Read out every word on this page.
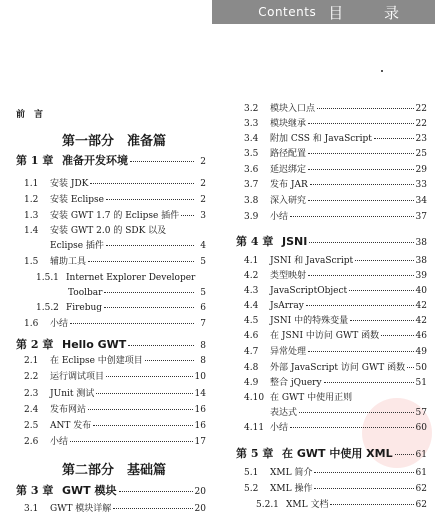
Contents 目 录
前　言
第一部分　准备篇
第二部分　基础篇
第 1 章 准备开发环境	2
1.1	安装 JDK	2
1.2	安装 Eclipse	2
1.3	安装 GWT 1.7 的 Eclipse 插件	3
1.4	安装 GWT 2.0 的 SDK 以及
Eclipse 插件	4
1.5	辅助工具	5
1.5.1 Internet Explorer Developer
Toolbar	5
1.5.2 Firebug	6
1.6	小结	7
第 2 章 Hello GWT	8
2.1	在 Eclipse 中创建项目	8
2.2	运行调试项目	10
2.3	JUnit 测试	14
2.4	发布网站	16
2.5	ANT 发布	16
2.6	小结	17
第 3 章 GWT 模块	20
3.1	GWT 模块详解	20
3.2	模块入口点	22
3.3	模块继承	22
3.4	附加 CSS 和 JavaScript	23
3.5	路径配置	25
3.6	延迟绑定	29
3.7	发布 JAR	33
3.8	深入研究	34
3.9	小结	37
第 4 章 JSNI	38
4.1	JSNI 和 JavaScript	38
4.2	类型映射	39
4.3	JavaScriptObject	40
4.4	JsArray	42
4.5	JSNI 中的特殊变量	42
4.6	在 JSNI 中访问 GWT 函数	46
4.7	异常处理	49
4.8	外部 JavaScript 访问 GWT 函数 50
4.9	整合 jQuery	51
4.10 在 GWT 中使用正则
表达式	57
4.11 小结	60
第 5 章 在 GWT 中使用 XML	61
5.1	XML 简介	61
5.2	XML 操作	62
5.2.1 XML 文档	62
